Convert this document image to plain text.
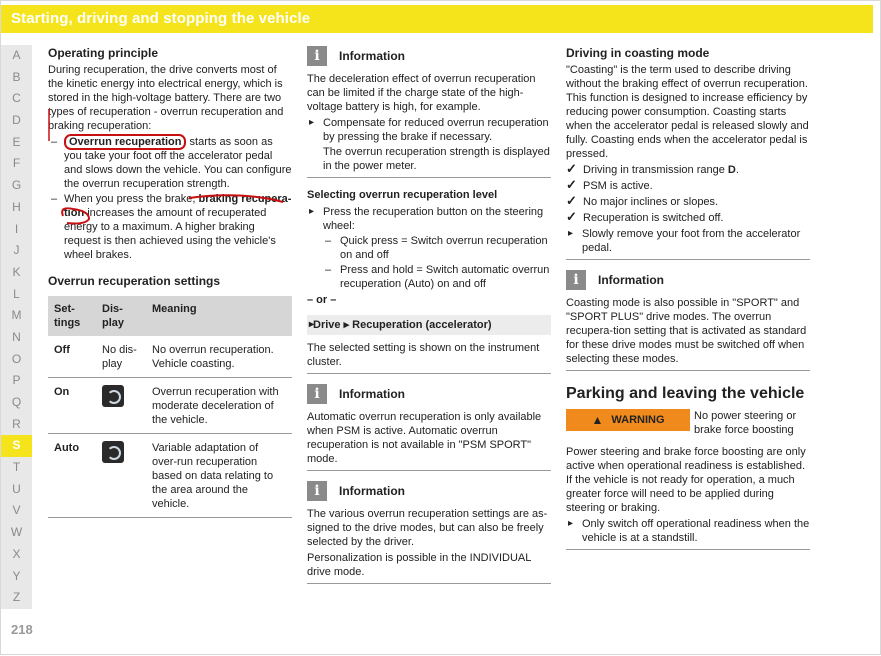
Starting, driving and stopping the vehicle
A
B
C
D
E
F
G
H
I
J
K
L
M
N
O
P
Q
R
S
T
U
V
W
X
Y
Z
218
Operating principle

During recuperation, the drive converts most of the kinetic energy into electrical energy, which is stored in the high-voltage battery. There are two types of recuperation - overrun recuperation and braking recuperation:

– Overrun recuperation starts as soon as you take your foot off the accelerator pedal and slows down the vehicle. You can configure the overrun recuperation strength.
– When you press the brake, braking recupera-tion increases the amount of recuperated energy to a maximum. A higher braking request is then achieved using the vehicle's wheel brakes.
Overrun recuperation settings
Set-tings	Dis-play	Meaning
Off	No dis-play	No overrun recuperation. Vehicle coasting.
On		Overrun recuperation with moderate deceleration of the vehicle.
Auto		Variable adaptation of over-run recuperation based on data relating to the area around the vehicle.
i	Information

The deceleration effect of overrun recuperation can be limited if the charge state of the high-voltage battery is high, for example.

▸ Compensate for reduced overrun recuperation by pressing the brake if necessary.

The overrun recuperation strength is displayed in the power meter.

Selecting overrun recuperation level
▸ Press the recuperation button on the steering wheel:
– Quick press = Switch overrun recuperation on and off
– Press and hold = Switch automatic overrun recuperation (Auto) on and off

– or –

▸ Drive ▸ Recuperation (accelerator)

The selected setting is shown on the instrument cluster.

i	Information

Automatic overrun recuperation is only available when PSM is active. Automatic overrun recuperation is not available in "PSM SPORT" mode.

i	Information

The various overrun recuperation settings are as-signed to the drive modes, but can also be freely selected by the driver.

Personalization is possible in the INDIVIDUAL drive mode.

Driving in coasting mode

"Coasting" is the term used to describe driving without the braking effect of overrun recuperation. This function is designed to increase efficiency by reducing power consumption. Coasting starts when the accelerator pedal is released slowly and fully. Coasting ends when the accelerator pedal is pressed.

✓ Driving in transmission range D.
✓ PSM is active.
✓ No major inclines or slopes.
✓ Recuperation is switched off.
▸ Slowly remove your foot from the accelerator pedal.
i	Information

Coasting mode is also possible in "SPORT" and "SPORT PLUS" drive modes. The overrun recupera-tion setting that is activated as standard for these drive modes must be switched off when selecting these modes.

Parking and leaving the vehicle
▲ WARNING	No power steering or brake force boosting

Power steering and brake force boosting are only active when operational readiness is established. If the vehicle is not ready for operation, a much greater force will need to be applied during steering or braking.

▸ Only switch off operational readiness when the vehicle is at a standstill.
